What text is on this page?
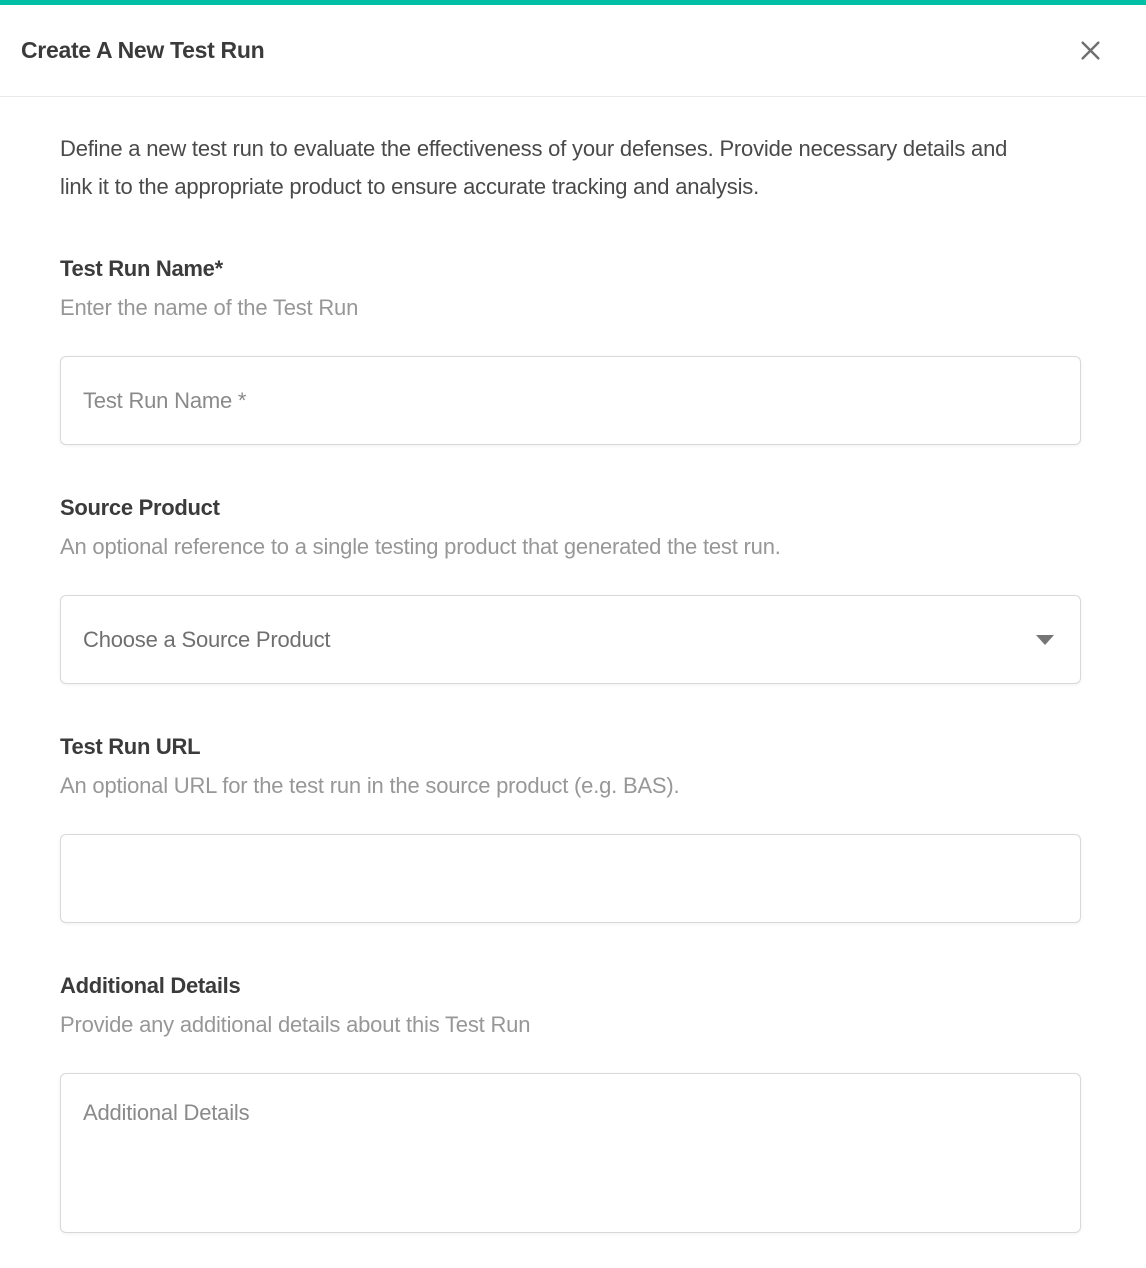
Create A New Test Run

Define a new test run to evaluate the effectiveness of your defenses. Provide necessary details and link it to the appropriate product to ensure accurate tracking and analysis.

Test Run Name*
Enter the name of the Test Run
Test Run Name *
Source Product
An optional reference to a single testing product that generated the test run.
Choose a Source Product
Test Run URL
An optional URL for the test run in the source product (e.g. BAS).
Additional Details
Provide any additional details about this Test Run
Additional Details
